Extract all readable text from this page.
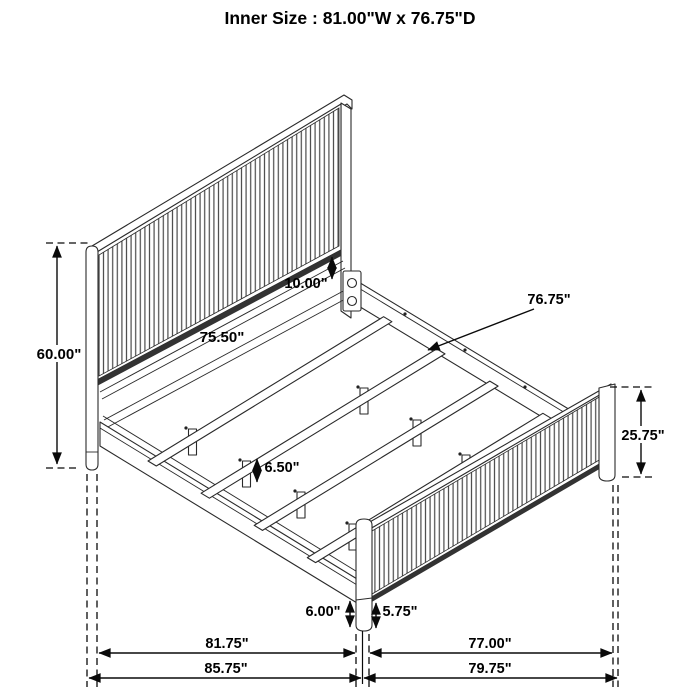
Inner Size : 81.00"W x 76.75"D
60.00"
10.00"
75.50"
76.75"
25.75"
6.50"
6.00"	5.75"
81.75"	77.00"
85.75"	79.75"
